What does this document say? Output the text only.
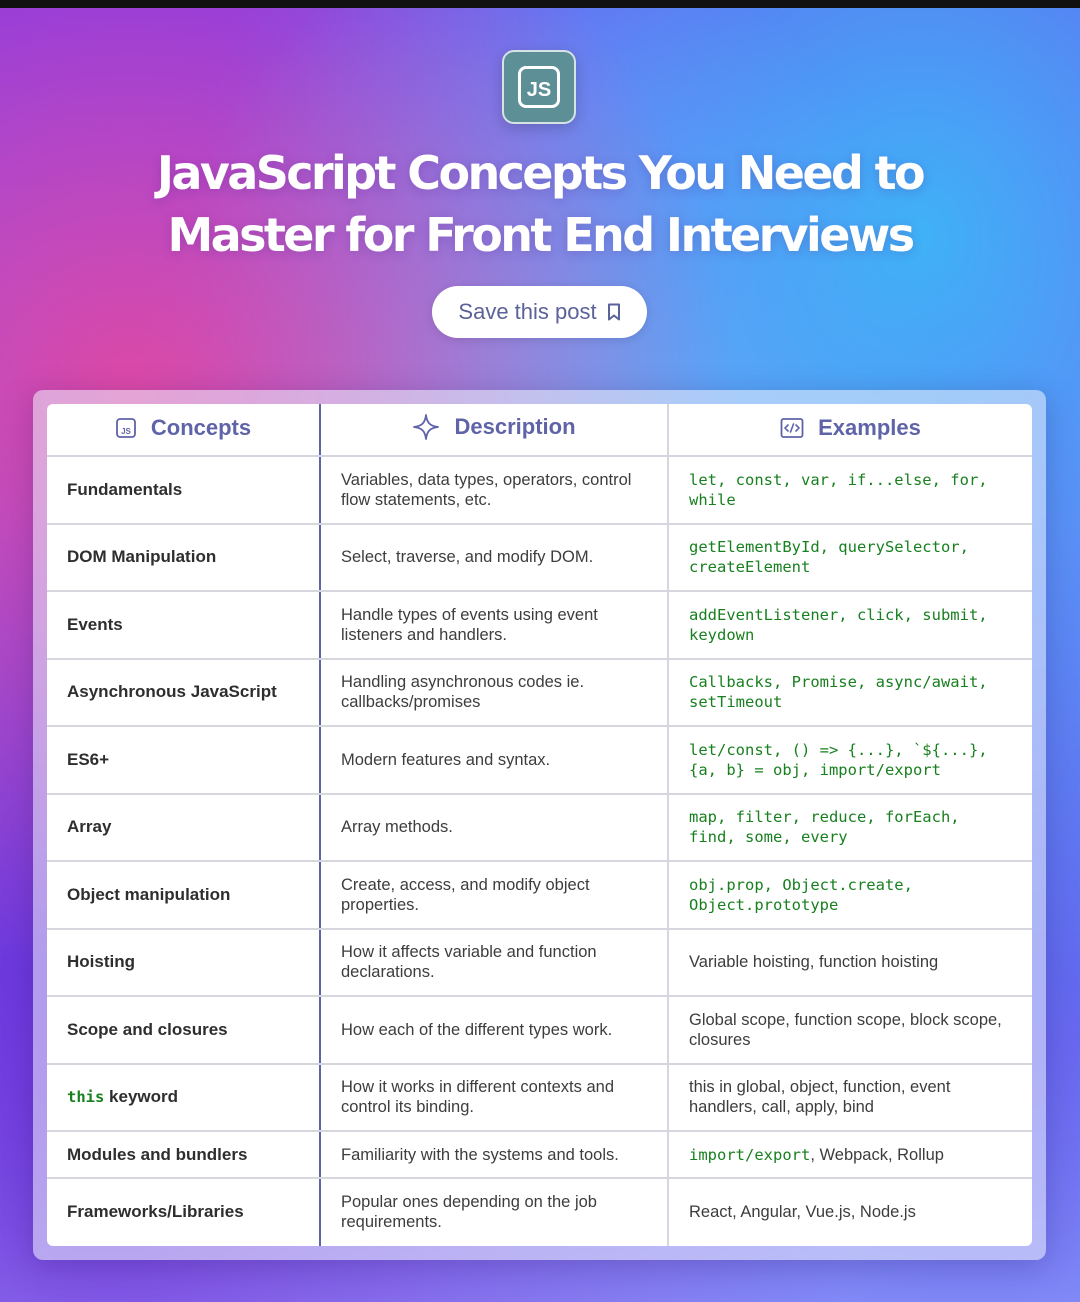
JS
JavaScript Concepts You Need to Master for Front End Interviews
Save this post
JS Concepts	Description	Examples

Fundamentals	Variables, data types, operators, control flow statements, etc.	let, const, var, if...else, for, while
DOM Manipulation	Select, traverse, and modify DOM.	getElementById, querySelector, createElement
Events	Handle types of events using event listeners and handlers.	addEventListener, click, submit, keydown
Asynchronous JavaScript	Handling asynchronous codes ie. callbacks/promises	Callbacks, Promise, async/await, setTimeout
ES6+	Modern features and syntax.	let/const, () => {...}, `${...}, {a, b} = obj, import/export
Array	Array methods.	map, filter, reduce, forEach, find, some, every
Object manipulation	Create, access, and modify object properties.	obj.prop, Object.create, Object.prototype
Hoisting	How it affects variable and function declarations.	Variable hoisting, function hoisting
Scope and closures	How each of the different types work.	Global scope, function scope, block scope, closures
this keyword	How it works in different contexts and control its binding.	this in global, object, function, event handlers, call, apply, bind
Modules and bundlers	Familiarity with the systems and tools.	import/export, Webpack, Rollup
Frameworks/Libraries	Popular ones depending on the job requirements.	React, Angular, Vue.js, Node.js
